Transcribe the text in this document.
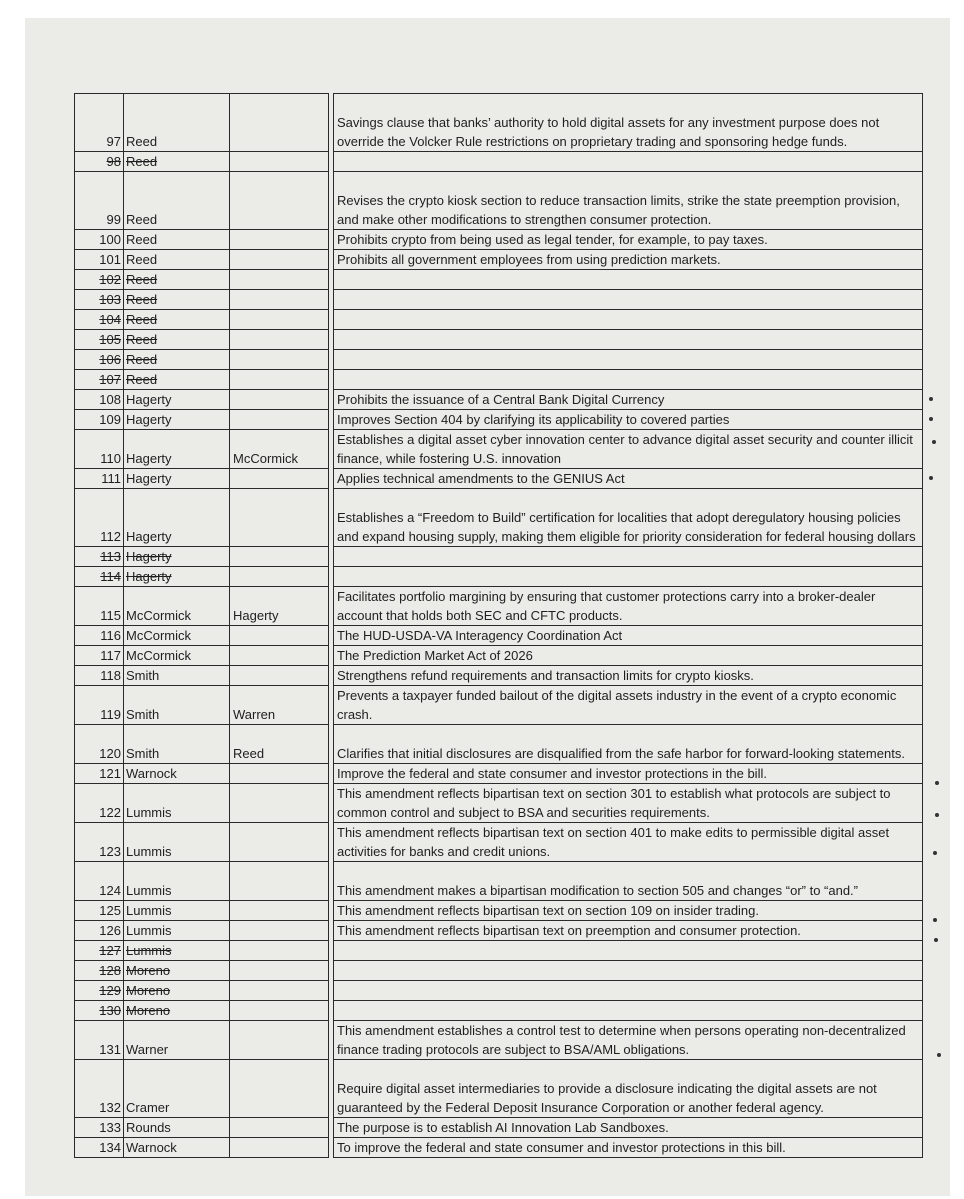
97	Reed			Savings clause that banks’ authority to hold digital assets for any investment purpose does not override the Volcker Rule restrictions on proprietary trading and sponsoring hedge funds.
98	Reed			
99	Reed			Revises the crypto kiosk section to reduce transaction limits, strike the state preemption provision, and make other modifications to strengthen consumer protection.
100	Reed			Prohibits crypto from being used as legal tender, for example, to pay taxes.
101	Reed			Prohibits all government employees from using prediction markets.
102	Reed			
103	Reed			
104	Reed			
105	Reed			
106	Reed			
107	Reed			
108	Hagerty			Prohibits the issuance of a Central Bank Digital Currency
109	Hagerty			Improves Section 404 by clarifying its applicability to covered parties
110	Hagerty	McCormick		Establishes a digital asset cyber innovation center to advance digital asset security and counter illicit finance, while fostering U.S. innovation
111	Hagerty			Applies technical amendments to the GENIUS Act
112	Hagerty			Establishes a “Freedom to Build” certification for localities that adopt deregulatory housing policies and expand housing supply, making them eligible for priority consideration for federal housing dollars
113	Hagerty			
114	Hagerty			
115	McCormick	Hagerty		Facilitates portfolio margining by ensuring that customer protections carry into a broker-dealer account that holds both SEC and CFTC products.
116	McCormick			The HUD-USDA-VA Interagency Coordination Act
117	McCormick			The Prediction Market Act of 2026
118	Smith			Strengthens refund requirements and transaction limits for crypto kiosks.
119	Smith	Warren		Prevents a taxpayer funded bailout of the digital assets industry in the event of a crypto economic crash.
120	Smith	Reed		Clarifies that initial disclosures are disqualified from the safe harbor for forward-looking statements.
121	Warnock			Improve the federal and state consumer and investor protections in the bill.
122	Lummis			This amendment reflects bipartisan text on section 301 to establish what protocols are subject to common control and subject to BSA and securities requirements.
123	Lummis			This amendment reflects bipartisan text on section 401 to make edits to permissible digital asset activities for banks and credit unions.
124	Lummis			This amendment makes a bipartisan modification to section 505 and changes “or” to “and.”
125	Lummis			This amendment reflects bipartisan text on section 109 on insider trading.
126	Lummis			This amendment reflects bipartisan text on preemption and consumer protection.
127	Lummis			
128	Moreno			
129	Moreno			
130	Moreno			
131	Warner			This amendment establishes a control test to determine when persons operating non-decentralized finance trading protocols are subject to BSA/AML obligations.
132	Cramer			Require digital asset intermediaries to provide a disclosure indicating the digital assets are not guaranteed by the Federal Deposit Insurance Corporation or another federal agency.
133	Rounds			The purpose is to establish AI Innovation Lab Sandboxes.
134	Warnock			To improve the federal and state consumer and investor protections in this bill.
